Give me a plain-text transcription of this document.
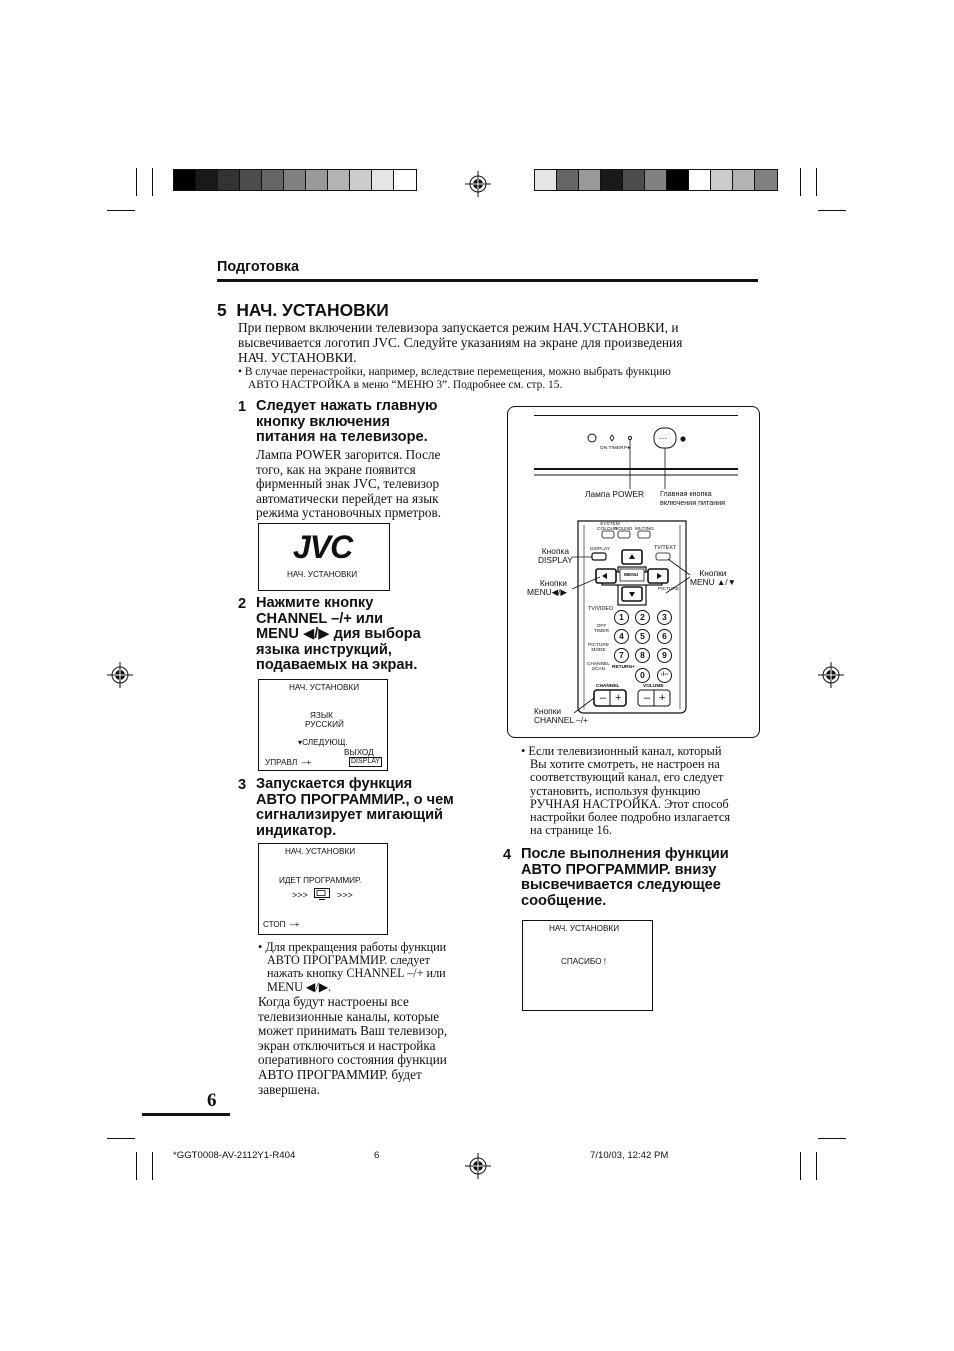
Подготовка
5 НАЧ. УСТАНОВКИ
При первом включении телевизора запускается режим НАЧ.УСТАНОВКИ, и
высвечивается логотип JVC. Следуйте указаниям на экране для произведения
НАЧ. УСТАНОВКИ.
• В случае перенастройки, например, вследствие перемещения, можно выбрать функцию
АВТО НАСТРОЙКА в меню “МЕНЮ 3”. Подробнее см. стр. 15.
1 Следует нажать главную
кнопку включения
питания на телевизоре.
Лампа POWER загорится. После
того, как на экране появится
фирменный знак JVC, телевизор
автоматически перейдет на язык
режима установочных прметров.
JVC
НАЧ. УСТАНОВКИ
2 Нажмите кнопку
CHANNEL –/+ или
MENU ◀/▶ дия выбора
языка инструкций,
подаваемых на экран.
НАЧ. УСТАНОВКИ
ЯЗЫК
РУССКИЙ
▾СЛЕДУЮЩ.
ВЫХОД
УПРАВЛ –+	DISPLAY
3 Запускается функция
АВТО ПРОГРАММИР., о чем
сигнализирует мигающий
индикатор.
НАЧ. УСТАНОВКИ
ИДЕТ ПРОГРАММИР.
>>>	>>>
СТОП –+
• Для прекращения работы функции
АВТО ПРОГРАММИР. следует
нажать кнопку CHANNEL –/+ или
MENU ◀/▶.
Когда будут настроены все
телевизионные каналы, которые
может принимать Ваш телевизор,
экран отключиться и настройка
оперативного состояния функции
АВТО ПРОГРАММИР. будет
завершена.
···
ON TIMER P●
Лампа POWER Главная кнопка
включения питания
SYSTEM
COLOUR
SOUND MUTING
DISPLAY	TV/TEXT
MENU
PICTURE
TV/VIDEO
OFF
TIMER
PICTURE
MODE
CHANNEL
SCAN	RETURN+
1	2	3
4	5	6
7	8	9
0	-/--
CHANNEL	VOLUME
– + – +
Кнопка
DISPLAY
Кнопки
MENU◀/▶
Кнопки
MENU ▲/▼
Кнопки
CHANNEL –/+
• Если телевизионный канал, который
Вы хотите смотреть, не настроен на
соответствующий канал, его следует
установить, используя функцию
РУЧНАЯ НАСТРОЙКА. Этот способ
настройки более подробно излагается
на странице 16.
4 После выполнения функции
АВТО ПРОГРАММИР. внизу
высвечивается следующее
сообщение.
НАЧ. УСТАНОВКИ
СПАСИБО !
6
*GGT0008-AV-2112Y1-R404	6	7/10/03, 12:42 PM
